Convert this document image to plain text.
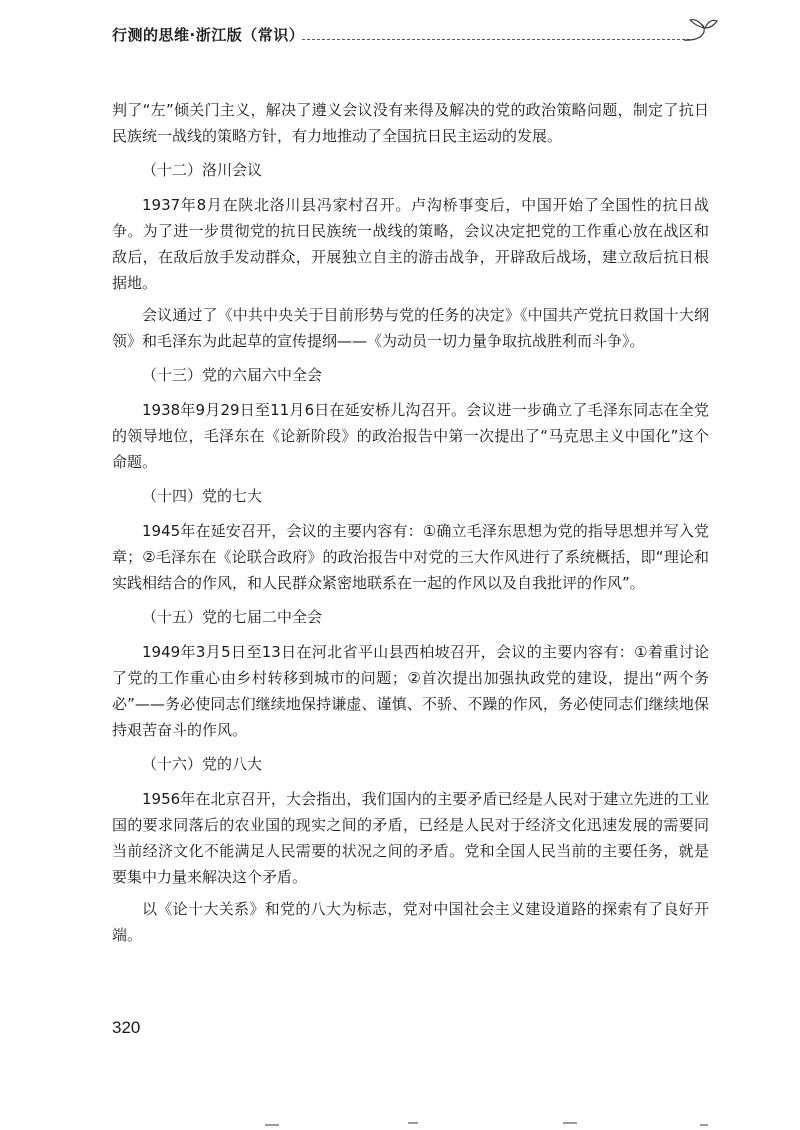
行测的思维·浙江版（常识）

判了“左”倾关门主义，解决了遵义会议没有来得及解决的党的政治策略问题，制定了抗日民族统一战线的策略方针，有力地推动了全国抗日民主运动的发展。

（十二）洛川会议

1937年8月在陕北洛川县冯家村召开。卢沟桥事变后，中国开始了全国性的抗日战争。为了进一步贯彻党的抗日民族统一战线的策略，会议决定把党的工作重心放在战区和敌后，在敌后放手发动群众，开展独立自主的游击战争，开辟敌后战场，建立敌后抗日根据地。

会议通过了《中共中央关于目前形势与党的任务的决定》《中国共产党抗日救国十大纲领》和毛泽东为此起草的宣传提纲——《为动员一切力量争取抗战胜利而斗争》。

（十三）党的六届六中全会

1938年9月29日至11月6日在延安桥儿沟召开。会议进一步确立了毛泽东同志在全党的领导地位，毛泽东在《论新阶段》的政治报告中第一次提出了“马克思主义中国化”这个命题。

（十四）党的七大

1945年在延安召开，会议的主要内容有：①确立毛泽东思想为党的指导思想并写入党章；②毛泽东在《论联合政府》的政治报告中对党的三大作风进行了系统概括，即“理论和实践相结合的作风，和人民群众紧密地联系在一起的作风以及自我批评的作风”。

（十五）党的七届二中全会

1949年3月5日至13日在河北省平山县西柏坡召开，会议的主要内容有：①着重讨论了党的工作重心由乡村转移到城市的问题；②首次提出加强执政党的建设，提出“两个务必”——务必使同志们继续地保持谦虚、谨慎、不骄、不躁的作风，务必使同志们继续地保持艰苦奋斗的作风。

（十六）党的八大

1956年在北京召开，大会指出，我们国内的主要矛盾已经是人民对于建立先进的工业国的要求同落后的农业国的现实之间的矛盾，已经是人民对于经济文化迅速发展的需要同当前经济文化不能满足人民需要的状况之间的矛盾。党和全国人民当前的主要任务，就是要集中力量来解决这个矛盾。

以《论十大关系》和党的八大为标志，党对中国社会主义建设道路的探索有了良好开端。

320
